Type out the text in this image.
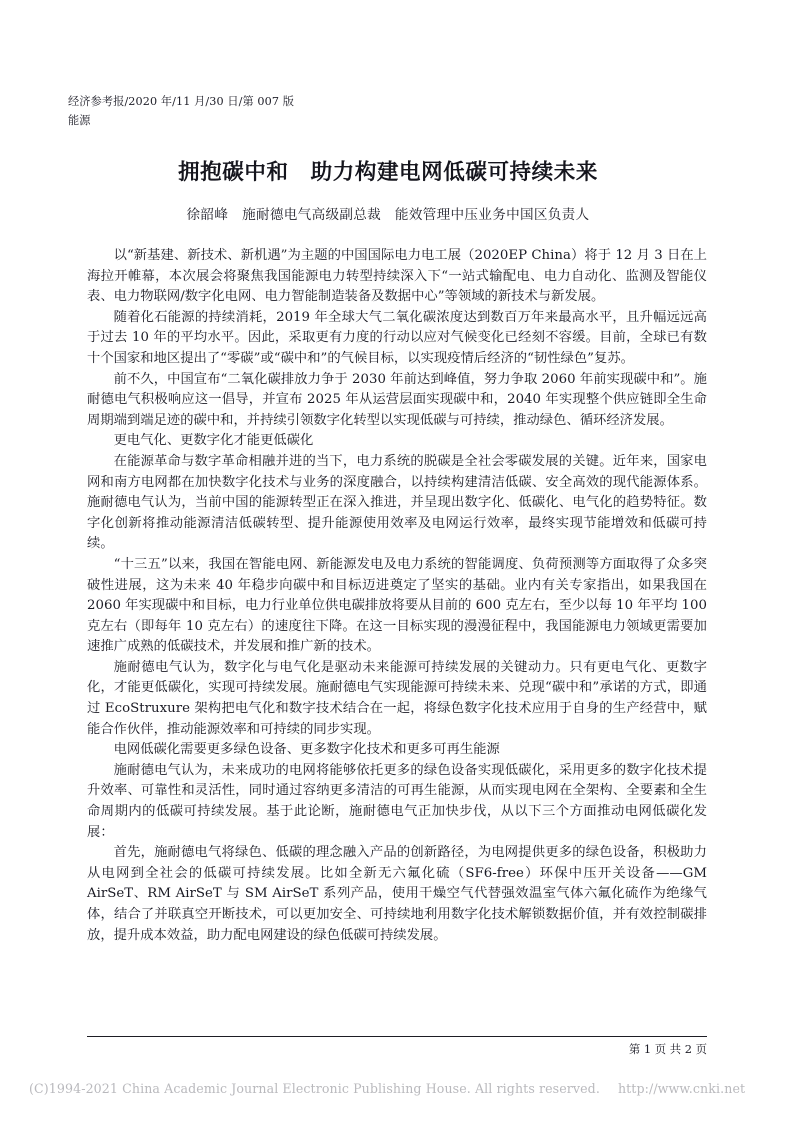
经济参考报/2020 年/11 月/30 日/第 007 版
能源
拥抱碳中和　助力构建电网低碳可持续未来
徐韶峰　施耐德电气高级副总裁　能效管理中压业务中国区负责人

以“新基建、新技术、新机遇”为主题的中国国际电力电工展（2020EP China）将于 12 月 3 日在上海拉开帷幕，本次展会将聚焦我国能源电力转型持续深入下“一站式输配电、电力自动化、监测及智能仪表、电力物联网/数字化电网、电力智能制造装备及数据中心”等领域的新技术与新发展。

随着化石能源的持续消耗，2019 年全球大气二氧化碳浓度达到数百万年来最高水平，且升幅远远高于过去 10 年的平均水平。因此，采取更有力度的行动以应对气候变化已经刻不容缓。目前，全球已有数十个国家和地区提出了“零碳”或“碳中和”的气候目标，以实现疫情后经济的“韧性绿色”复苏。

前不久，中国宣布“二氧化碳排放力争于 2030 年前达到峰值，努力争取 2060 年前实现碳中和”。施耐德电气积极响应这一倡导，并宣布 2025 年从运营层面实现碳中和，2040 年实现整个供应链即全生命周期端到端足迹的碳中和，并持续引领数字化转型以实现低碳与可持续，推动绿色、循环经济发展。

更电气化、更数字化才能更低碳化

在能源革命与数字革命相融并进的当下，电力系统的脱碳是全社会零碳发展的关键。近年来，国家电网和南方电网都在加快数字化技术与业务的深度融合，以持续构建清洁低碳、安全高效的现代能源体系。施耐德电气认为，当前中国的能源转型正在深入推进，并呈现出数字化、低碳化、电气化的趋势特征。数字化创新将推动能源清洁低碳转型、提升能源使用效率及电网运行效率，最终实现节能增效和低碳可持续。

“十三五”以来，我国在智能电网、新能源发电及电力系统的智能调度、负荷预测等方面取得了众多突破性进展，这为未来 40 年稳步向碳中和目标迈进奠定了坚实的基础。业内有关专家指出，如果我国在 2060 年实现碳中和目标，电力行业单位供电碳排放将要从目前的 600 克左右，至少以每 10 年平均 100 克左右（即每年 10 克左右）的速度往下降。在这一目标实现的漫漫征程中，我国能源电力领域更需要加速推广成熟的低碳技术，并发展和推广新的技术。

施耐德电气认为，数字化与电气化是驱动未来能源可持续发展的关键动力。只有更电气化、更数字化，才能更低碳化，实现可持续发展。施耐德电气实现能源可持续未来、兑现“碳中和”承诺的方式，即通过 EcoStruxure 架构把电气化和数字技术结合在一起，将绿色数字化技术应用于自身的生产经营中，赋能合作伙伴，推动能源效率和可持续的同步实现。

电网低碳化需要更多绿色设备、更多数字化技术和更多可再生能源

施耐德电气认为，未来成功的电网将能够依托更多的绿色设备实现低碳化，采用更多的数字化技术提升效率、可靠性和灵活性，同时通过容纳更多清洁的可再生能源，从而实现电网在全架构、全要素和全生命周期内的低碳可持续发展。基于此论断，施耐德电气正加快步伐，从以下三个方面推动电网低碳化发展：

首先，施耐德电气将绿色、低碳的理念融入产品的创新路径，为电网提供更多的绿色设备，积极助力从电网到全社会的低碳可持续发展。比如全新无六氟化硫（SF6-free）环保中压开关设备——GM AirSeT、RM AirSeT 与 SM AirSeT 系列产品，使用干燥空气代替强效温室气体六氟化硫作为绝缘气体，结合了并联真空开断技术，可以更加安全、可持续地利用数字化技术解锁数据价值，并有效控制碳排放，提升成本效益，助力配电网建设的绿色低碳可持续发展。

第 1 页 共 2 页
(C)1994-2021 China Academic Journal Electronic Publishing House. All rights reserved. http://www.cnki.net
